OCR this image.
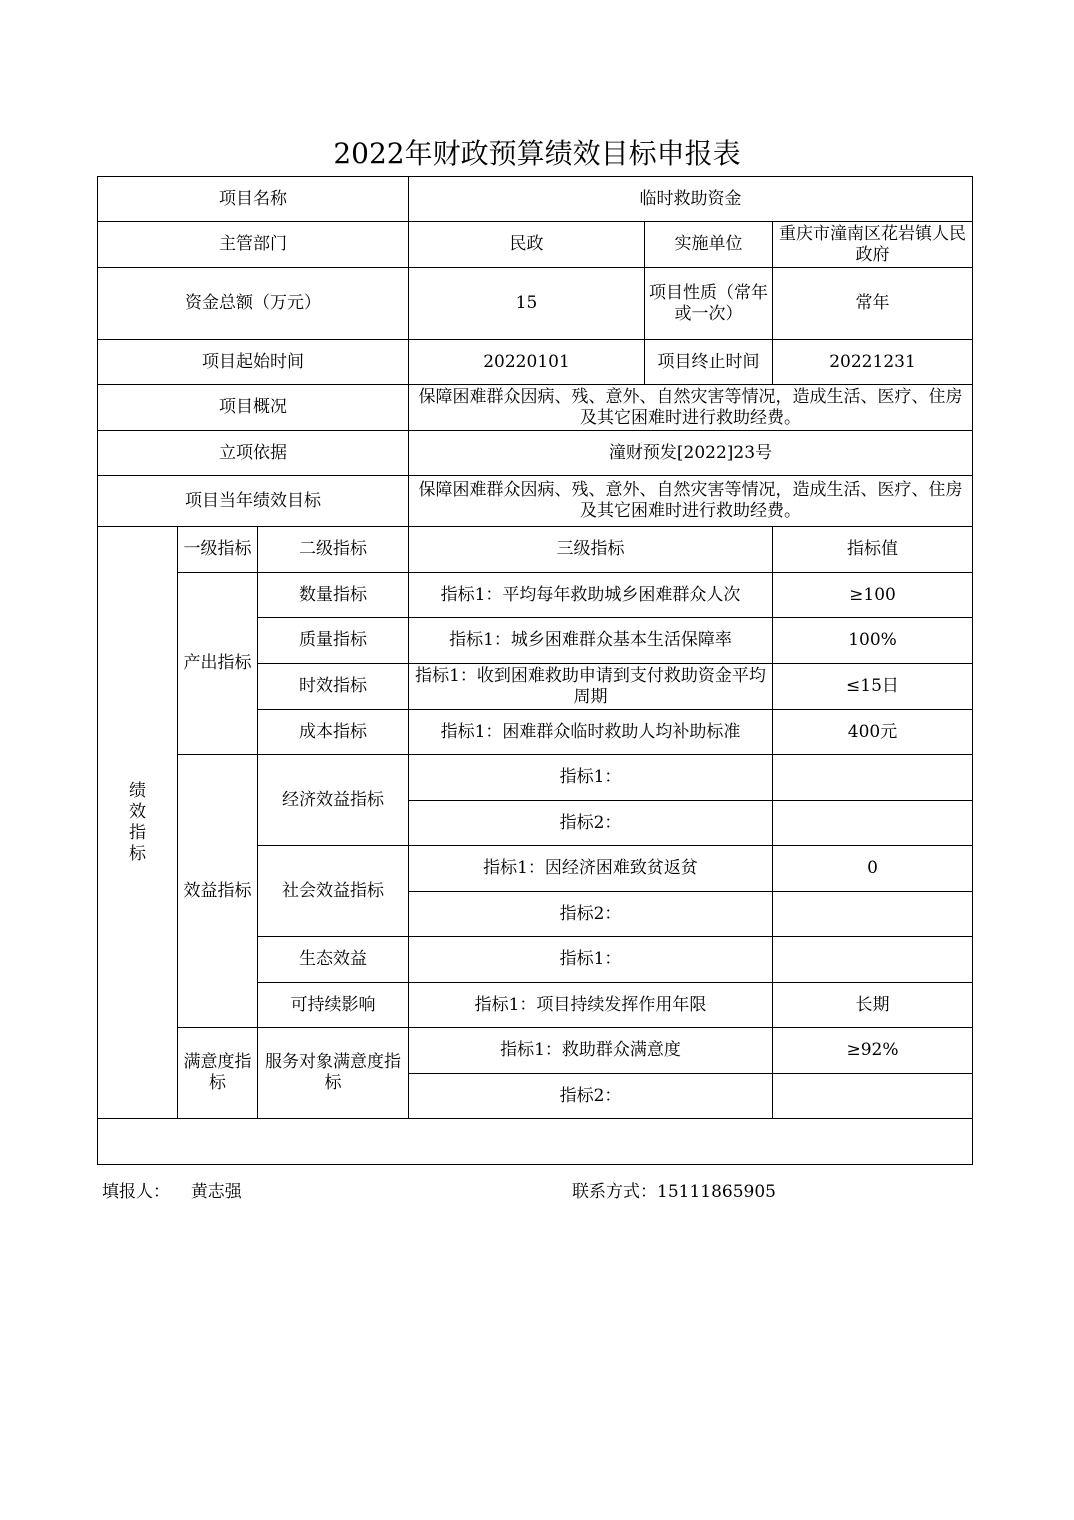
2022年财政预算绩效目标申报表
项目名称			临时救助资金		
主管部门			民政	实施单位	重庆市潼南区花岩镇人民政府
资金总额（万元）			15	项目性质（常年或一次）	常年
项目起始时间			20220101	项目终止时间	20221231
项目概况			保障困难群众因病、残、意外、自然灾害等情况，造成生活、医疗、住房及其它困难时进行救助经费。		
立项依据			潼财预发[2022]23号		
项目当年绩效目标			保障困难群众因病、残、意外、自然灾害等情况，造成生活、医疗、住房及其它困难时进行救助经费。		

绩效指标	一级指标	二级指标	三级指标		指标值
	产出指标	数量指标	指标1：平均每年救助城乡困难群众人次		≥100
		质量指标	指标1：城乡困难群众基本生活保障率		100%
		时效指标	指标1：收到困难救助申请到支付救助资金平均周期		≤15日
		成本指标	指标1：困难群众临时救助人均补助标准		400元
	效益指标	经济效益指标	指标1：		
			指标2：		
		社会效益指标	指标1：因经济困难致贫返贫		0
			指标2：		
		生态效益	指标1：		
		可持续影响	指标1：项目持续发挥作用年限		长期
	满意度指标	服务对象满意度指标	指标1：救助群众满意度		≥92%
			指标2：		

填报人： 黄志强	联系方式：15111865905
